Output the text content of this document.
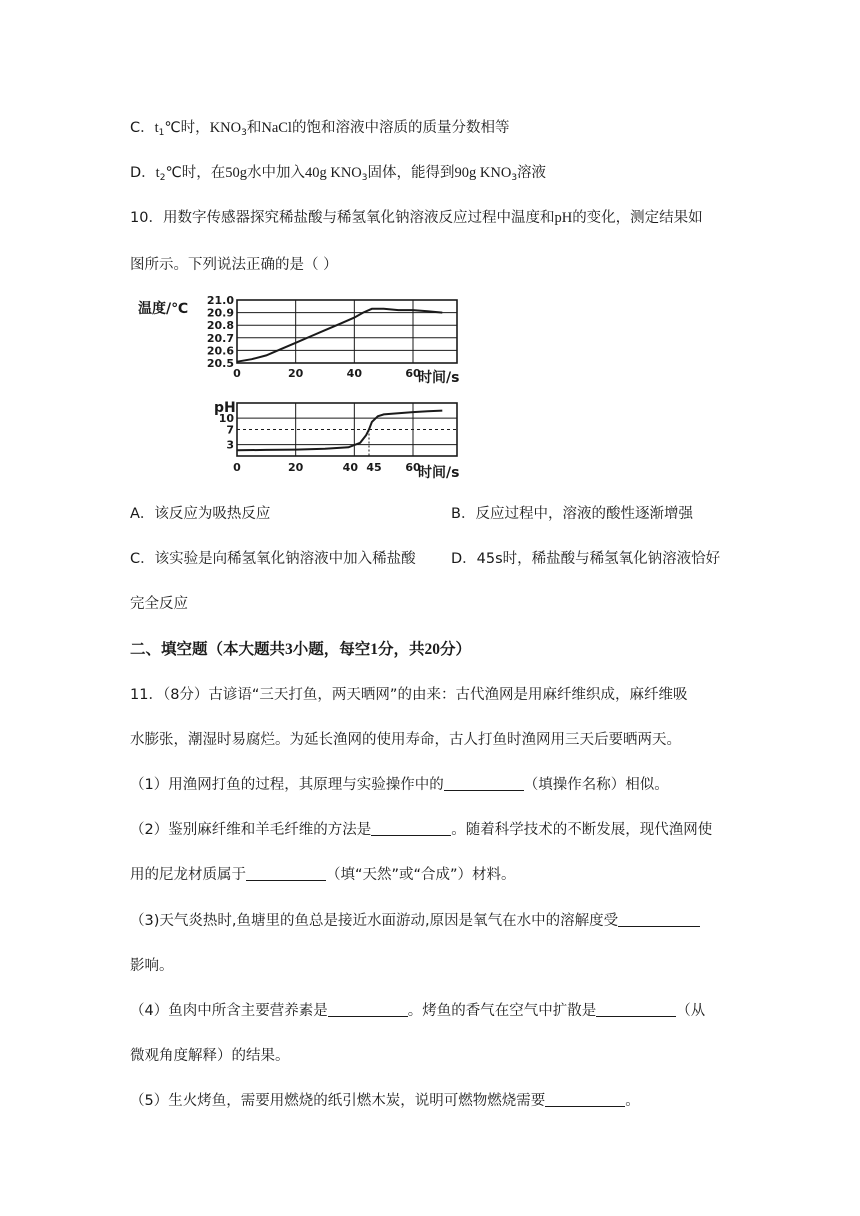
C．$t_1℃$时，$KNO_3$和NaCl的饱和溶液中溶质的质量分数相等
D．$t_2℃$时，在50g水中加入40g $KNO_3$固体，能得到90g $KNO_3$溶液
10．用数字传感器探究稀盐酸与稀氢氧化钠溶液反应过程中温度和pH的变化，测定结果如
图所示。下列说法正确的是（ ）
温度/℃
21.0
20.9
20.8
20.7
20.6
20.5
0	20	40	60
时间/s
pH
10
7
3
0	20	40 45 60
时间/s
A．该反应为吸热反应	B．反应过程中，溶液的酸性逐渐增强
C．该实验是向稀氢氧化钠溶液中加入稀盐酸 D．45s时，稀盐酸与稀氢氧化钠溶液恰好
完全反应
二、填空题（本大题共3小题，每空1分，共20分）
11．（8分）古谚语“三天打鱼，两天晒网”的由来：古代渔网是用麻纤维织成，麻纤维吸
水膨张，潮湿时易腐烂。为延长渔网的使用寿命，古人打鱼时渔网用三天后要晒两天。
（1）用渔网打鱼的过程，其原理与实验操作中的	（填操作名称）相似。
（2）鉴别麻纤维和羊毛纤维的方法是	。随着科学技术的不断发展，现代渔网使
用的尼龙材质属于	（填“天然”或“合成”）材料。
（3)天气炎热时,鱼塘里的鱼总是接近水面游动,原因是氧气在水中的溶解度受
影响。
（4）鱼肉中所含主要营养素是	。烤鱼的香气在空气中扩散是	（从
微观角度解释）的结果。
（5）生火烤鱼，需要用燃烧的纸引燃木炭，说明可燃物燃烧需要	。
